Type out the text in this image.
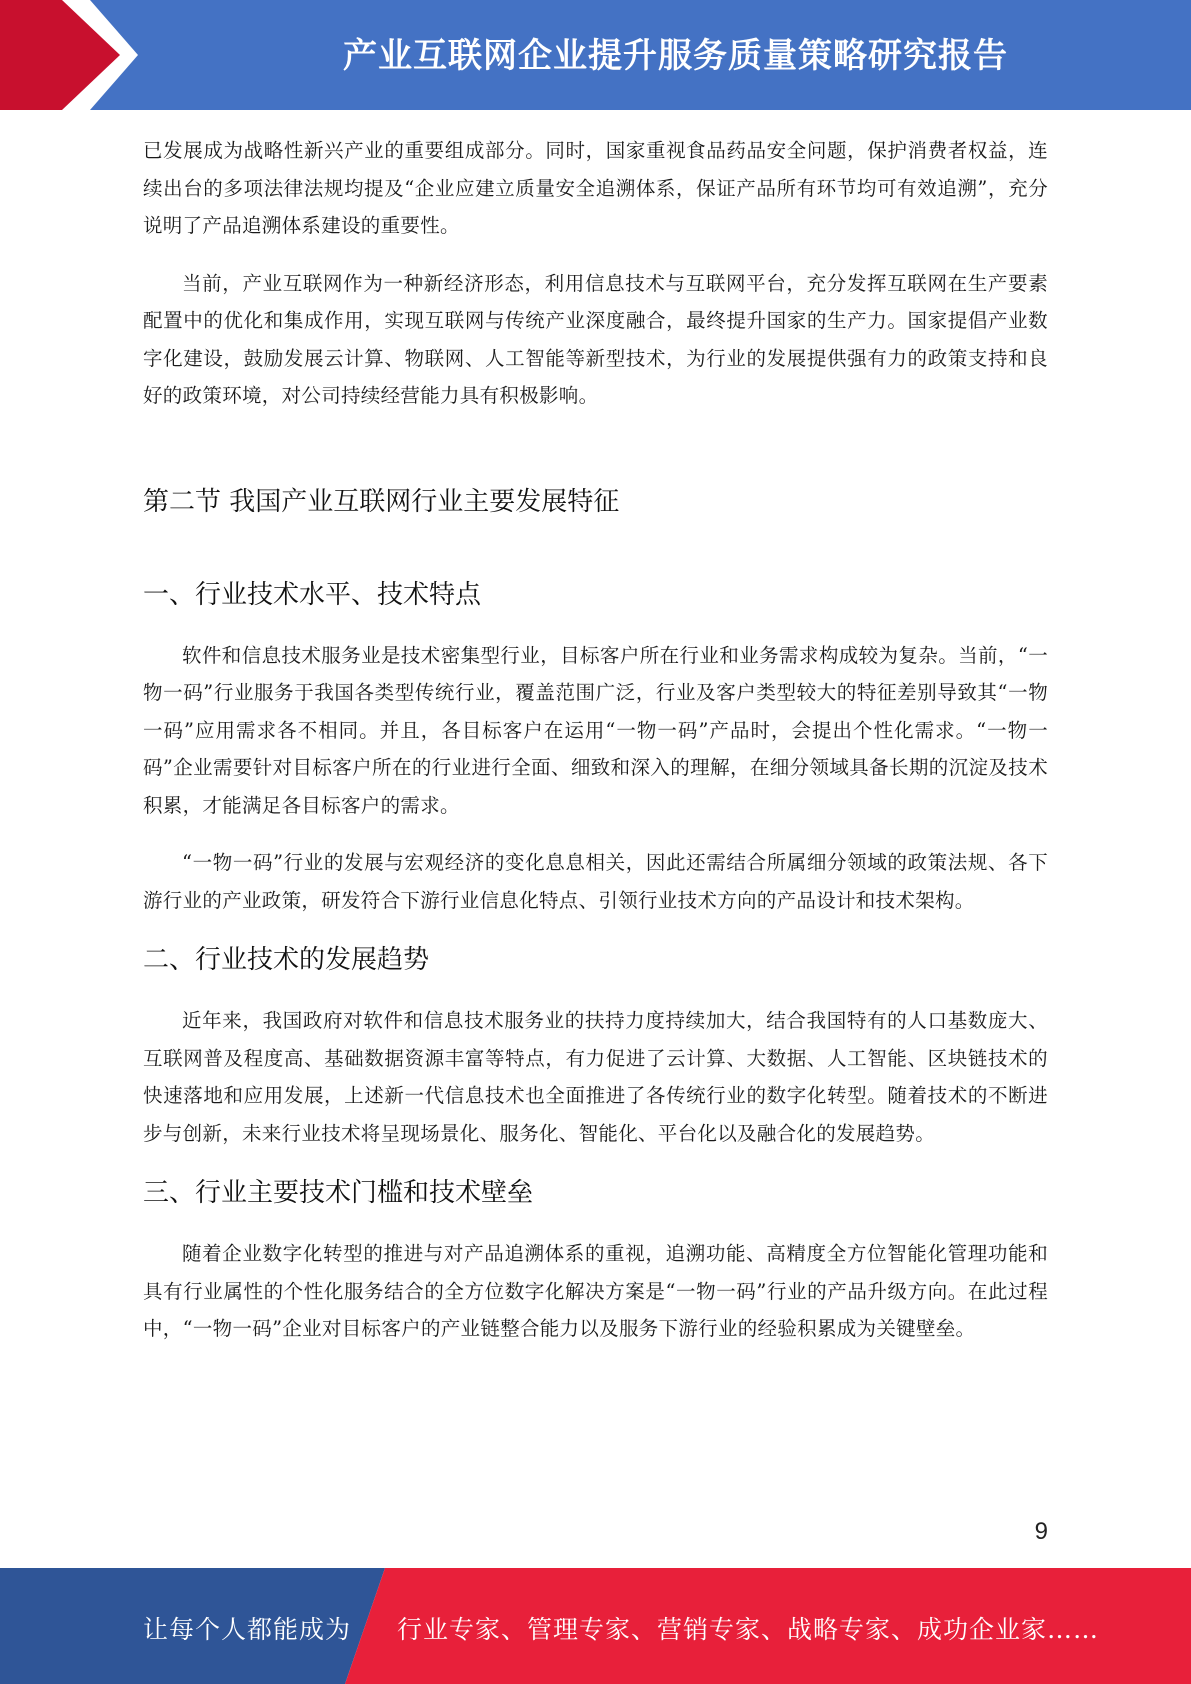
产业互联网企业提升服务质量策略研究报告

已发展成为战略性新兴产业的重要组成部分。同时，国家重视食品药品安全问题，保护消费者权益，连续出台的多项法律法规均提及“企业应建立质量安全追溯体系，保证产品所有环节均可有效追溯”，充分说明了产品追溯体系建设的重要性。

当前，产业互联网作为一种新经济形态，利用信息技术与互联网平台，充分发挥互联网在生产要素配置中的优化和集成作用，实现互联网与传统产业深度融合，最终提升国家的生产力。国家提倡产业数字化建设，鼓励发展云计算、物联网、人工智能等新型技术，为行业的发展提供强有力的政策支持和良好的政策环境，对公司持续经营能力具有积极影响。

第二节 我国产业互联网行业主要发展特征
一、行业技术水平、技术特点

软件和信息技术服务业是技术密集型行业，目标客户所在行业和业务需求构成较为复杂。当前，“一物一码”行业服务于我国各类型传统行业，覆盖范围广泛，行业及客户类型较大的特征差别导致其“一物一码”应用需求各不相同。并且，各目标客户在运用“一物一码”产品时，会提出个性化需求。“一物一码”企业需要针对目标客户所在的行业进行全面、细致和深入的理解，在细分领域具备长期的沉淀及技术积累，才能满足各目标客户的需求。

“一物一码”行业的发展与宏观经济的变化息息相关，因此还需结合所属细分领域的政策法规、各下游行业的产业政策，研发符合下游行业信息化特点、引领行业技术方向的产品设计和技术架构。

二、行业技术的发展趋势

近年来，我国政府对软件和信息技术服务业的扶持力度持续加大，结合我国特有的人口基数庞大、互联网普及程度高、基础数据资源丰富等特点，有力促进了云计算、大数据、人工智能、区块链技术的快速落地和应用发展，上述新一代信息技术也全面推进了各传统行业的数字化转型。随着技术的不断进步与创新，未来行业技术将呈现场景化、服务化、智能化、平台化以及融合化的发展趋势。

三、行业主要技术门槛和技术壁垒

随着企业数字化转型的推进与对产品追溯体系的重视，追溯功能、高精度全方位智能化管理功能和具有行业属性的个性化服务结合的全方位数字化解决方案是“一物一码”行业的产品升级方向。在此过程中，“一物一码”企业对目标客户的产业链整合能力以及服务下游行业的经验积累成为关键壁垒。

9
让每个人都能成为 行业专家、管理专家、营销专家、战略专家、成功企业家……
